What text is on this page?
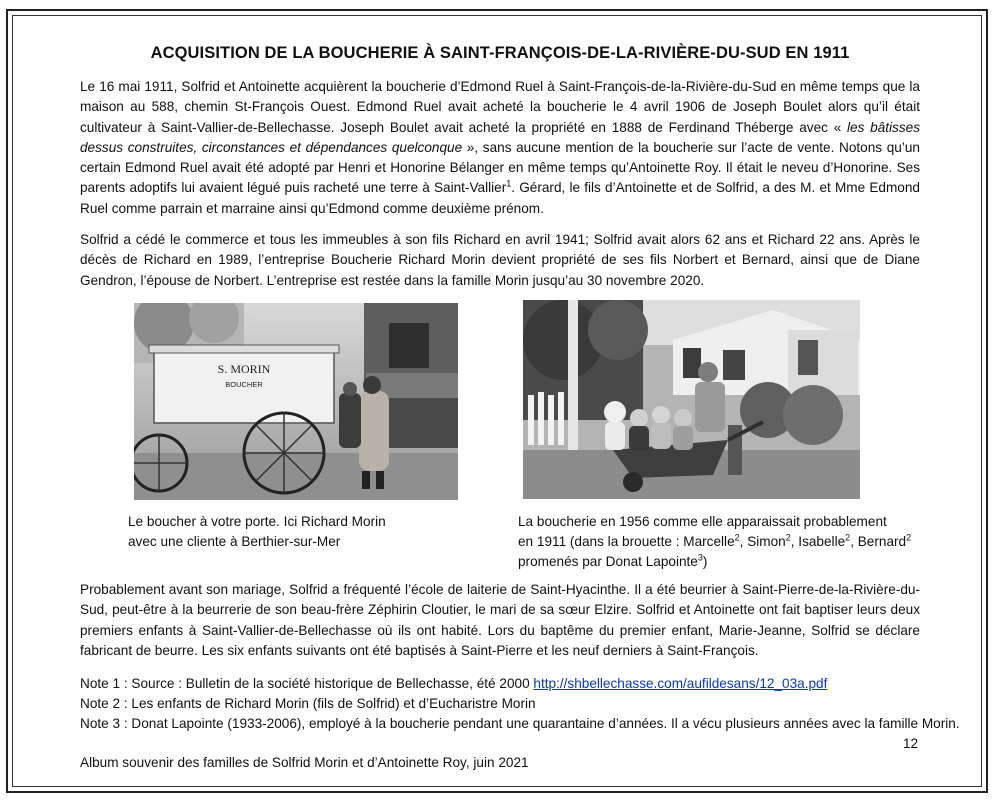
ACQUISITION DE LA BOUCHERIE À SAINT-FRANÇOIS-DE-LA-RIVIÈRE-DU-SUD EN 1911

Le 16 mai 1911, Solfrid et Antoinette acquièrent la boucherie d’Edmond Ruel à Saint-François-de-la-Rivière-du-Sud en même temps que la maison au 588, chemin St-François Ouest. Edmond Ruel avait acheté la boucherie le 4 avril 1906 de Joseph Boulet alors qu’il était cultivateur à Saint-Vallier-de-Bellechasse. Joseph Boulet avait acheté la propriété en 1888 de Ferdinand Théberge avec « les bâtisses dessus construites, circonstances et dépendances quelconque », sans aucune mention de la boucherie sur l’acte de vente. Notons qu’un certain Edmond Ruel avait été adopté par Henri et Honorine Bélanger en même temps qu’Antoinette Roy. Il était le neveu d’Honorine. Ses parents adoptifs lui avaient légué puis racheté une terre à Saint-Vallier$^1$. Gérard, le fils d’Antoinette et de Solfrid, a des M. et Mme Edmond Ruel comme parrain et marraine ainsi qu’Edmond comme deuxième prénom.

Solfrid a cédé le commerce et tous les immeubles à son fils Richard en avril 1941; Solfrid avait alors 62 ans et Richard 22 ans. Après le décès de Richard en 1989, l’entreprise Boucherie Richard Morin devient propriété de ses fils Norbert et Bernard, ainsi que de Diane Gendron, l’épouse de Norbert. L’entreprise est restée dans la famille Morin jusqu’au 30 novembre 2020.

S. MORIN
BOUCHER
Le boucher à votre porte. Ici Richard Morin
avec une cliente à Berthier-sur-Mer
La boucherie en 1956 comme elle apparaissait probablement
en 1911 (dans la brouette : Marcelle$^2$, Simon$^2$, Isabelle$^2$, Bernard$^2$
promenés par Donat Lapointe$^3$)

Probablement avant son mariage, Solfrid a fréquenté l’école de laiterie de Saint-Hyacinthe. Il a été beurrier à Saint-Pierre-de-la-Rivière-du-Sud, peut-être à la beurrerie de son beau-frère Zéphirin Cloutier, le mari de sa sœur Elzire. Solfrid et Antoinette ont fait baptiser leurs deux premiers enfants à Saint-Vallier-de-Bellechasse où ils ont habité. Lors du baptême du premier enfant, Marie-Jeanne, Solfrid se déclare fabricant de beurre. Les six enfants suivants ont été baptisés à Saint-Pierre et les neuf derniers à Saint-François.

Note 1 : Source : Bulletin de la société historique de Bellechasse, été 2000 http://shbellechasse.com/aufildesans/12_03a.pdf
Note 2 : Les enfants de Richard Morin (fils de Solfrid) et d’Eucharistre Morin
Note 3 : Donat Lapointe (1933-2006), employé à la boucherie pendant une quarantaine d’années. Il a vécu plusieurs années avec la famille Morin.
12
Album souvenir des familles de Solfrid Morin et d’Antoinette Roy, juin 2021
